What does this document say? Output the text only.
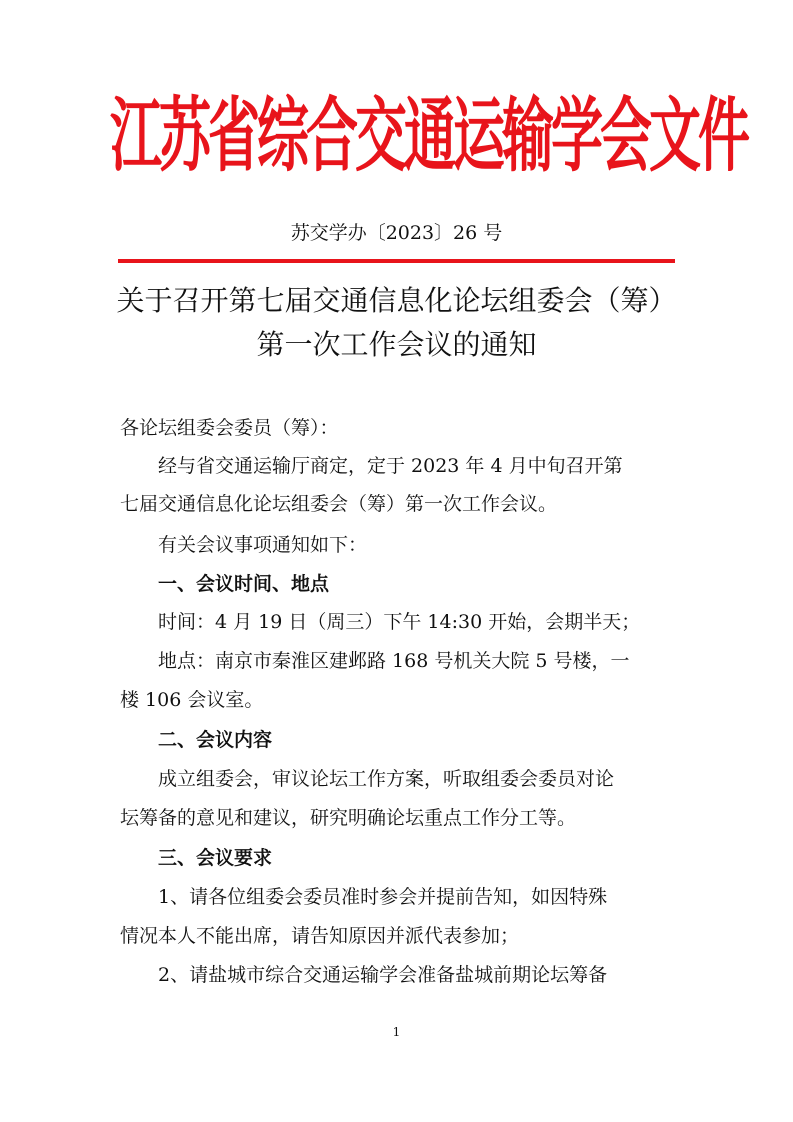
江苏省综合交通运输学会文件
苏交学办〔2023〕26 号
关于召开第七届交通信息化论坛组委会（筹）
第一次工作会议的通知
各论坛组委会委员（筹）：
　　经与省交通运输厅商定，定于 2023 年 4 月中旬召开第
七届交通信息化论坛组委会（筹）第一次工作会议。
　　有关会议事项通知如下：
　　一、会议时间、地点
　　时间：4 月 19 日（周三）下午 14:30 开始，会期半天；
　　地点：南京市秦淮区建邺路 168 号机关大院 5 号楼，一
楼 106 会议室。
　　二、会议内容
　　成立组委会，审议论坛工作方案，听取组委会委员对论
坛筹备的意见和建议，研究明确论坛重点工作分工等。
　　三、会议要求
　　1、请各位组委会委员准时参会并提前告知，如因特殊
情况本人不能出席，请告知原因并派代表参加；
　　2、请盐城市综合交通运输学会准备盐城前期论坛筹备
1
